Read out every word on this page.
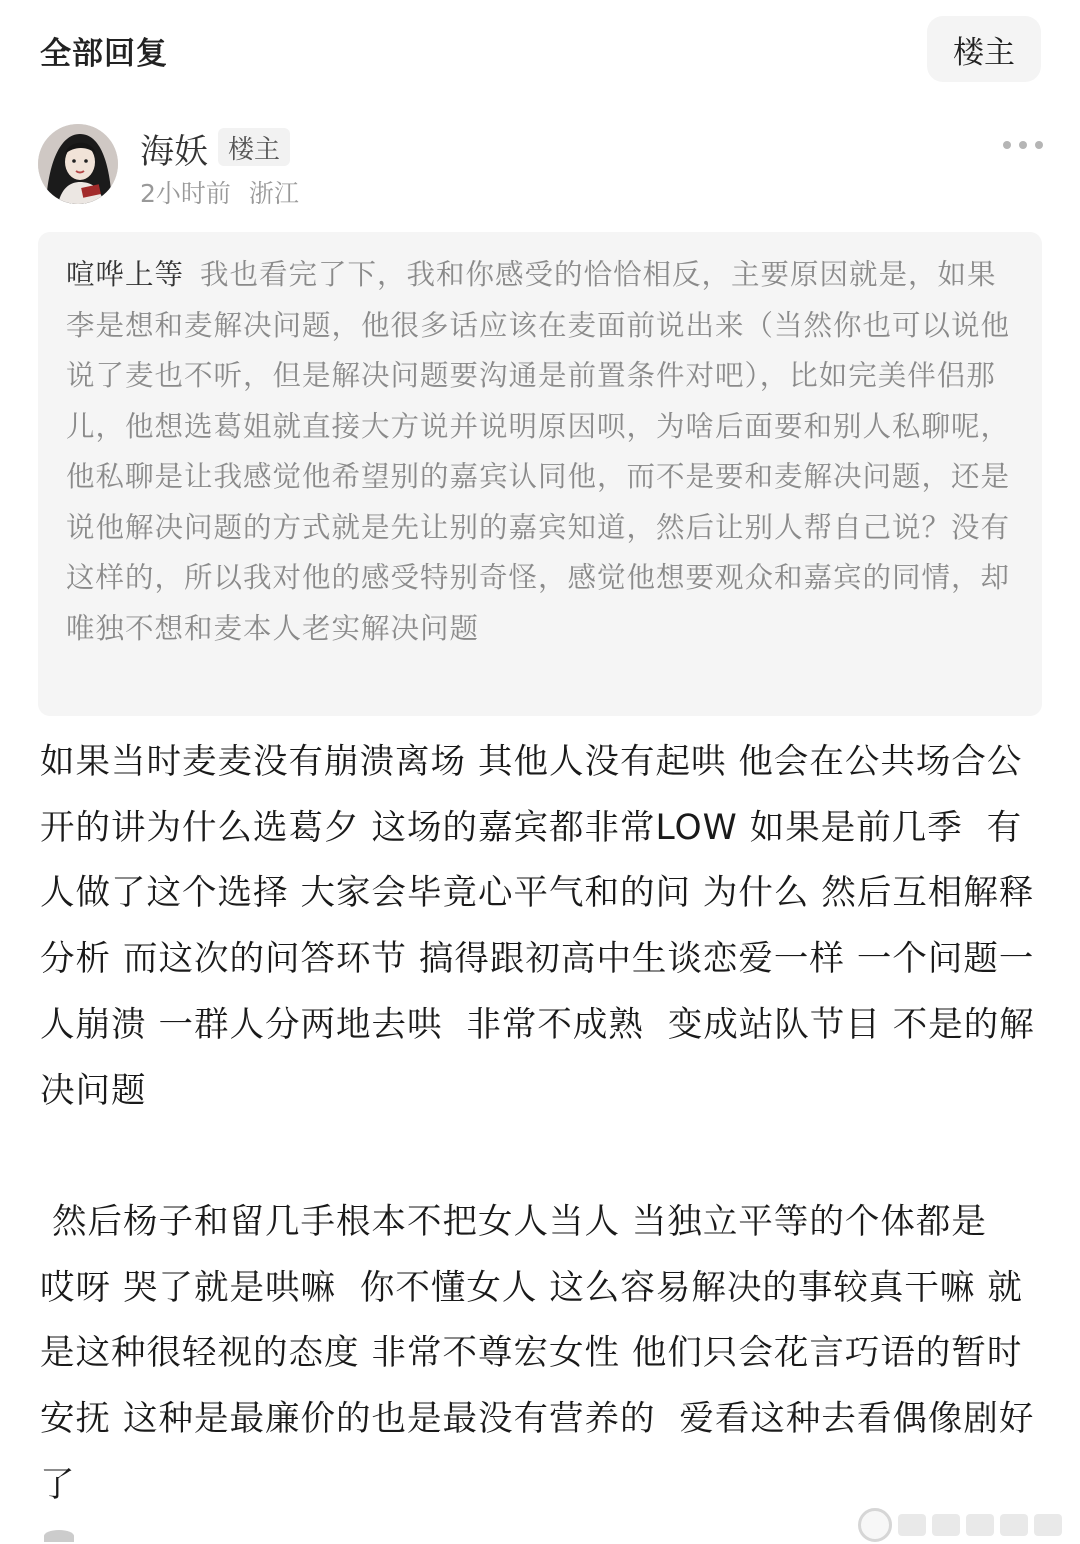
全部回复	楼主
海妖 楼主
2小时前 浙江
喧哗上等 我也看完了下，我和你感受的恰恰相反，主要原因就是，如果李是想和麦解决问题，他很多话应该在麦面前说出来（当然你也可以说他说了麦也不听，但是解决问题要沟通是前置条件对吧），比如完美伴侣那儿，他想选葛姐就直接大方说并说明原因呗，为啥后面要和别人私聊呢，他私聊是让我感觉他希望别的嘉宾认同他，而不是要和麦解决问题，还是说他解决问题的方式就是先让别的嘉宾知道，然后让别人帮自己说？没有这样的，所以我对他的感受特别奇怪，感觉他想要观众和嘉宾的同情，却唯独不想和麦本人老实解决问题

如果当时麦麦没有崩溃离场 其他人没有起哄 他会在公共场合公开的讲为什么选葛夕 这场的嘉宾都非常LOW 如果是前几季  有人做了这个选择 大家会毕竟心平气和的问 为什么 然后互相解释分析 而这次的问答环节 搞得跟初高中生谈恋爱一样 一个问题一人崩溃 一群人分两地去哄  非常不成熟  变成站队节目 不是的解决问题

然后杨子和留几手根本不把女人当人 当独立平等的个体都是  哎呀 哭了就是哄嘛  你不懂女人 这么容易解决的事较真干嘛 就是这种很轻视的态度 非常不尊宏女性 他们只会花言巧语的暂时安抚 这种是最廉价的也是最没有营养的  爱看这种去看偶像剧好了
